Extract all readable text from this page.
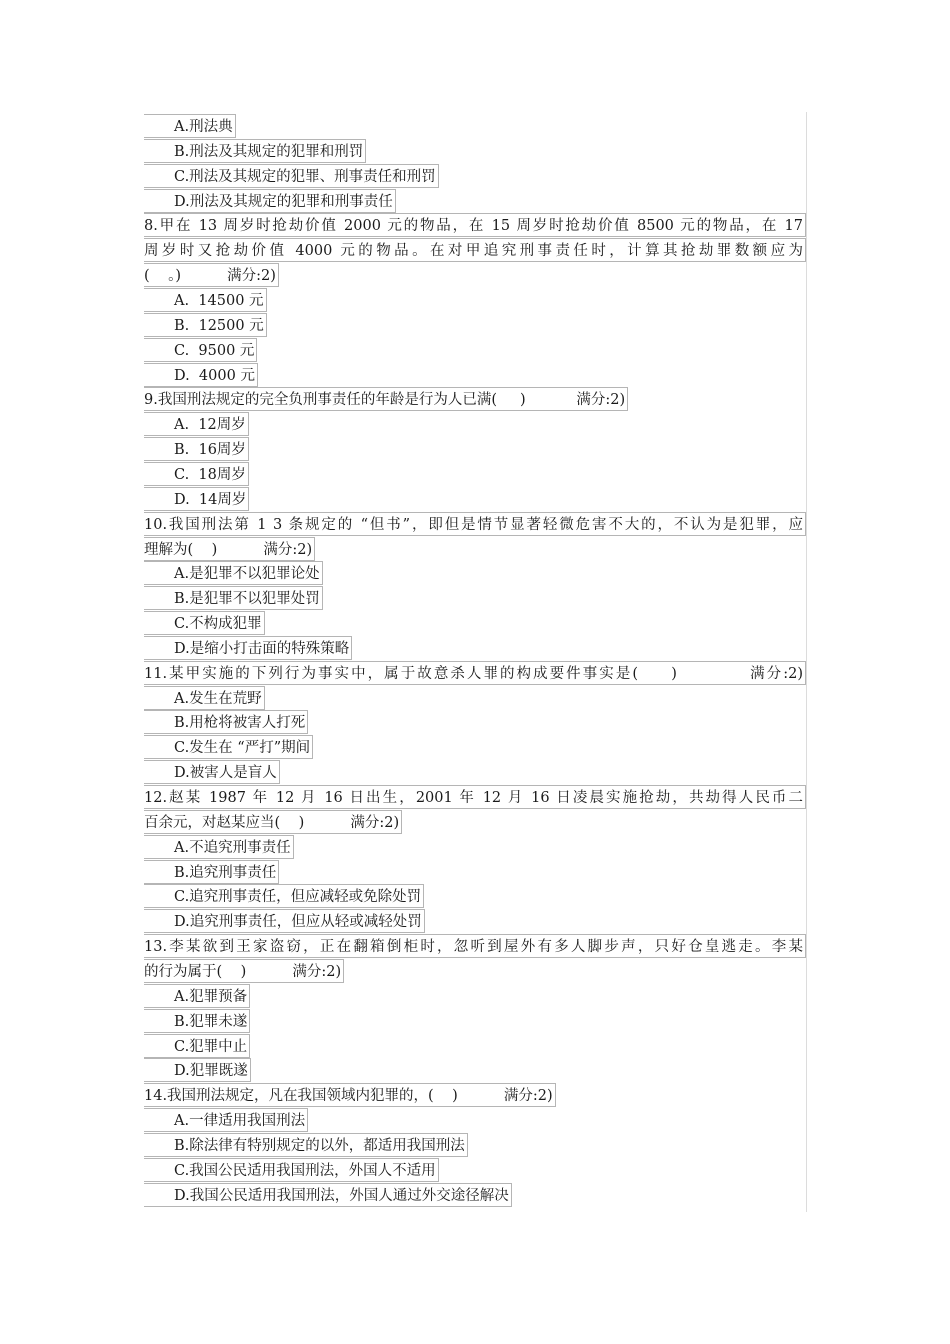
A.刑法典
B.刑法及其规定的犯罪和刑罚
C.刑法及其规定的犯罪、刑事责任和刑罚
D.刑法及其规定的犯罪和刑事责任
8.甲在 13 周岁时抢劫价值 2000 元的物品，在 15 周岁时抢劫价值 8500 元的物品，在 17
周岁时又抢劫价值 4000 元的物品。在对甲追究刑事责任时，计算其抢劫罪数额应为
(    。)          满分:2)
A.  14500 元
B.  12500 元
C.  9500 元
D.  4000 元
9.我国刑法规定的完全负刑事责任的年龄是行为人已满(     )           满分:2)
A.  12周岁
B.  16周岁
C.  18周岁
D.  14周岁
10.我国刑法第 1 3 条规定的 “但书”，即但是情节显著轻微危害不大的，不认为是犯罪，应
理解为(    )          满分:2)
A.是犯罪不以犯罪论处
B.是犯罪不以犯罪处罚
C.不构成犯罪
D.是缩小打击面的特殊策略
11.某甲实施的下列行为事实中，属于故意杀人罪的构成要件事实是(     )           满分:2)
A.发生在荒野
B.用枪将被害人打死
C.发生在 “严打”期间
D.被害人是盲人
12.赵某 1987 年 12 月 16 日出生，2001 年 12 月 16 日凌晨实施抢劫，共劫得人民币二
百余元，对赵某应当(    )          满分:2)
A.不追究刑事责任
B.追究刑事责任
C.追究刑事责任，但应减轻或免除处罚
D.追究刑事责任，但应从轻或减轻处罚
13.李某欲到王家盗窃，正在翻箱倒柜时，忽听到屋外有多人脚步声，只好仓皇逃走。李某
的行为属于(    )          满分:2)
A.犯罪预备
B.犯罪未遂
C.犯罪中止
D.犯罪既遂
14.我国刑法规定，凡在我国领域内犯罪的，(    )          满分:2)
A.一律适用我国刑法
B.除法律有特别规定的以外，都适用我国刑法
C.我国公民适用我国刑法，外国人不适用
D.我国公民适用我国刑法，外国人通过外交途径解决
